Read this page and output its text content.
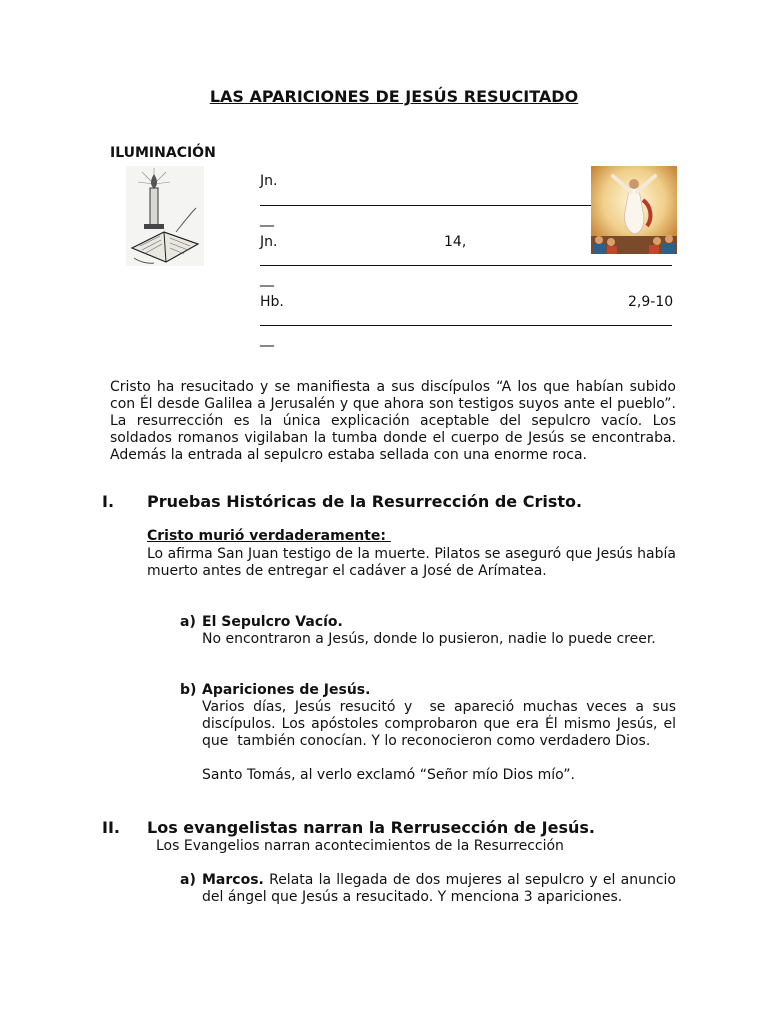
LAS APARICIONES DE JESÚS RESUCITADO
ILUMINACIÓN
Jn.
__
Jn.	14,
__
Hb.	2,9-10
__
Cristo ha resucitado y se manifiesta a sus discípulos “A los que habían subido con Él desde Galilea a Jerusalén y que ahora son testigos suyos ante el pueblo”. La resurrección es la única explicación aceptable del sepulcro vacío. Los soldados romanos vigilaban la tumba donde el cuerpo de Jesús se encontraba. Además la entrada al sepulcro estaba sellada con una enorme roca.
I. Pruebas Históricas de la Resurrección de Cristo.
Cristo murió verdaderamente:
Lo afirma San Juan testigo de la muerte. Pilatos se aseguró que Jesús había muerto antes de entregar el cadáver a José de Arímatea.
a) El Sepulcro Vacío.
No encontraron a Jesús, donde lo pusieron, nadie lo puede creer.
b) Apariciones de Jesús.
Varios días, Jesús resucitó y  se apareció muchas veces a sus discípulos. Los apóstoles comprobaron que era Él mismo Jesús, el que  también conocían. Y lo reconocieron como verdadero Dios.
Santo Tomás, al verlo exclamó “Señor mío Dios mío”.
II. Los evangelistas narran la Rerrusección de Jesús.
Los Evangelios narran acontecimientos de la Resurrección
Marcos. Relata la llegada de dos mujeres al sepulcro y el anuncio del ángel que Jesús a resucitado. Y menciona 3 apariciones.
a)
